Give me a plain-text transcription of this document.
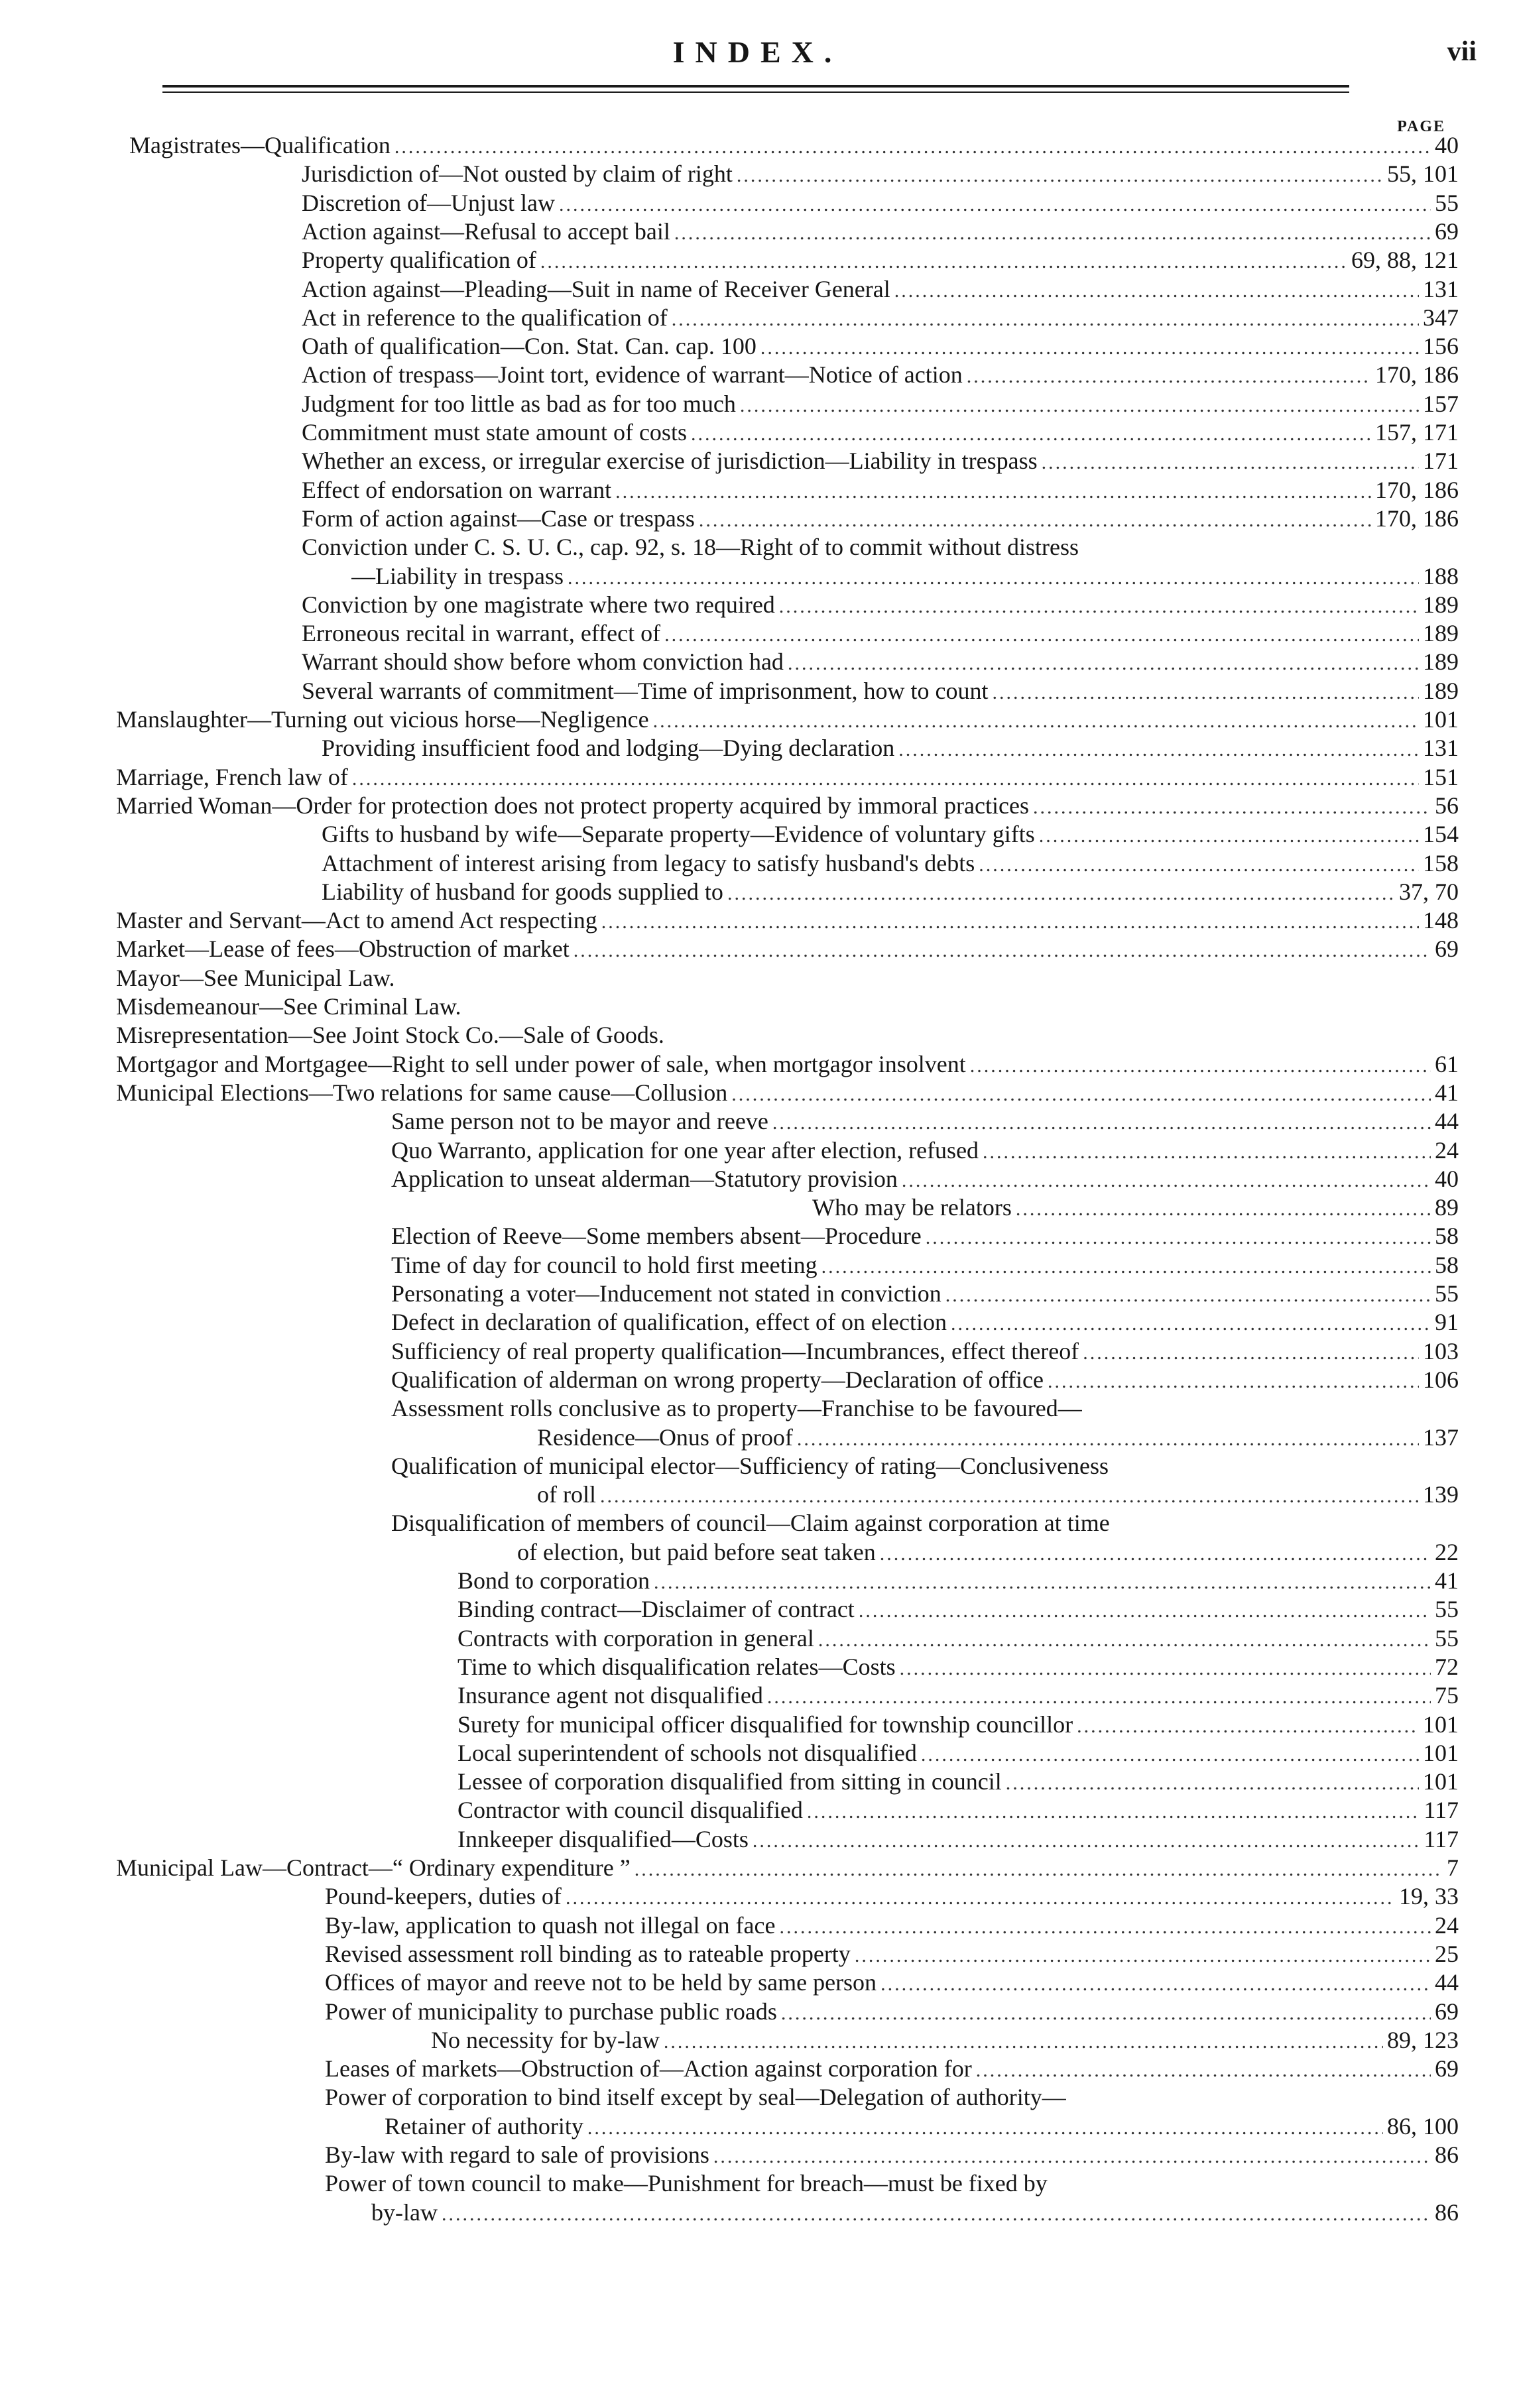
INDEX.	vii
PAGE
Magistrates—Qualification .....	40
Jurisdiction of—Not ousted by claim of right .....	55, 101
Discretion of—Unjust law .....	55
Action against—Refusal to accept bail .....	69
Property qualification of .....	69, 88, 121
Action against—Pleading—Suit in name of Receiver General .....	131
Act in reference to the qualification of .....	347
Oath of qualification—Con. Stat. Can. cap. 100 .....	156
Action of trespass—Joint tort, evidence of warrant—Notice of action .....	170, 186
Judgment for too little as bad as for too much .....	157
Commitment must state amount of costs .....	157, 171
Whether an excess, or irregular exercise of jurisdiction—Liability in trespass .....	171
Effect of endorsation on warrant .....	170, 186
Form of action against—Case or trespass .....	170, 186
Conviction under C. S. U. C., cap. 92, s. 18—Right of to commit without distress
—Liability in trespass .....	188
Conviction by one magistrate where two required .....	189
Erroneous recital in warrant, effect of .....	189
Warrant should show before whom conviction had .....	189
Several warrants of commitment—Time of imprisonment, how to count .....	189
Manslaughter—Turning out vicious horse—Negligence .....	101
Providing insufficient food and lodging—Dying declaration .....	131
Marriage, French law of .....	151
Married Woman—Order for protection does not protect property acquired by immoral practices .....	56
Gifts to husband by wife—Separate property—Evidence of voluntary gifts .....	154
Attachment of interest arising from legacy to satisfy husband's debts .....	158
Liability of husband for goods supplied to .....	37, 70
Master and Servant—Act to amend Act respecting .....	148
Market—Lease of fees—Obstruction of market .....	69
Mayor—See Municipal Law.
Misdemeanour—See Criminal Law.
Misrepresentation—See Joint Stock Co.—Sale of Goods.
Mortgagor and Mortgagee—Right to sell under power of sale, when mortgagor insolvent .....	61
Municipal Elections—Two relations for same cause—Collusion .....	41
Same person not to be mayor and reeve .....	44
Quo Warranto, application for one year after election, refused .....	24
Application to unseat alderman—Statutory provision .....	40
Who may be relators .....	89
Election of Reeve—Some members absent—Procedure .....	58
Time of day for council to hold first meeting .....	58
Personating a voter—Inducement not stated in conviction .....	55
Defect in declaration of qualification, effect of on election .....	91
Sufficiency of real property qualification—Incumbrances, effect thereof .....	103
Qualification of alderman on wrong property—Declaration of office .....	106
Assessment rolls conclusive as to property—Franchise to be favoured—
Residence—Onus of proof .....	137
Qualification of municipal elector—Sufficiency of rating—Conclusiveness
of roll .....	139
Disqualification of members of council—Claim against corporation at time
of election, but paid before seat taken .....	22
Bond to corporation .....	41
Binding contract—Disclaimer of contract .....	55
Contracts with corporation in general .....	55
Time to which disqualification relates—Costs .....	72
Insurance agent not disqualified .....	75
Surety for municipal officer disqualified for township councillor .....	101
Local superintendent of schools not disqualified .....	101
Lessee of corporation disqualified from sitting in council .....	101
Contractor with council disqualified .....	117
Innkeeper disqualified—Costs .....	117
Municipal Law—Contract—“ Ordinary expenditure ” .....	7
Pound-keepers, duties of .....	19, 33
By-law, application to quash not illegal on face .....	24
Revised assessment roll binding as to rateable property .....	25
Offices of mayor and reeve not to be held by same person .....	44
Power of municipality to purchase public roads .....	69
No necessity for by-law .....	89, 123
Leases of markets—Obstruction of—Action against corporation for .....	69
Power of corporation to bind itself except by seal—Delegation of authority—
Retainer of authority .....	86, 100
By-law with regard to sale of provisions .....	86
Power of town council to make—Punishment for breach—must be fixed by
by-law .....	86
